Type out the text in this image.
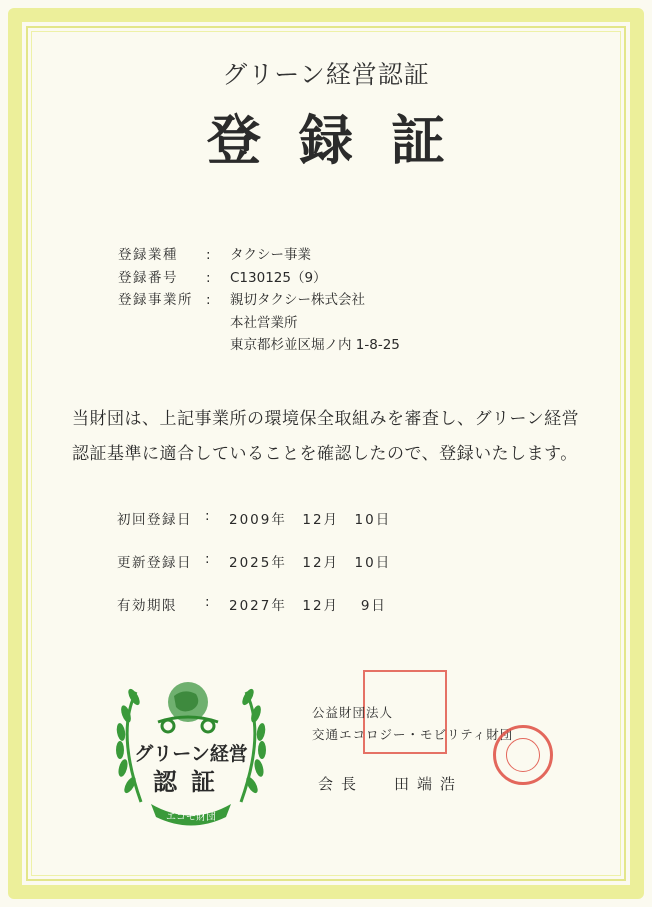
グリーン経営認証
登録証
登録業種	:	タクシー事業
登録番号	:	C130125（9）
登録事業所 :	親切タクシー株式会社
本社営業所
東京都杉並区堀ノ内 1-8-25
当財団は、上記事業所の環境保全取組みを審査し、グリーン経営
認証基準に適合していることを確認したので、登録いたします。
初回登録日 :	2009年　12月　10日
更新登録日 :	2025年　12月　10日
有効期限	:	2027年　12月　 9日
グリーン経営
認証
エコモ財団
公益財団法人
交通エコロジー・モビリティ財団
会長 田端浩
